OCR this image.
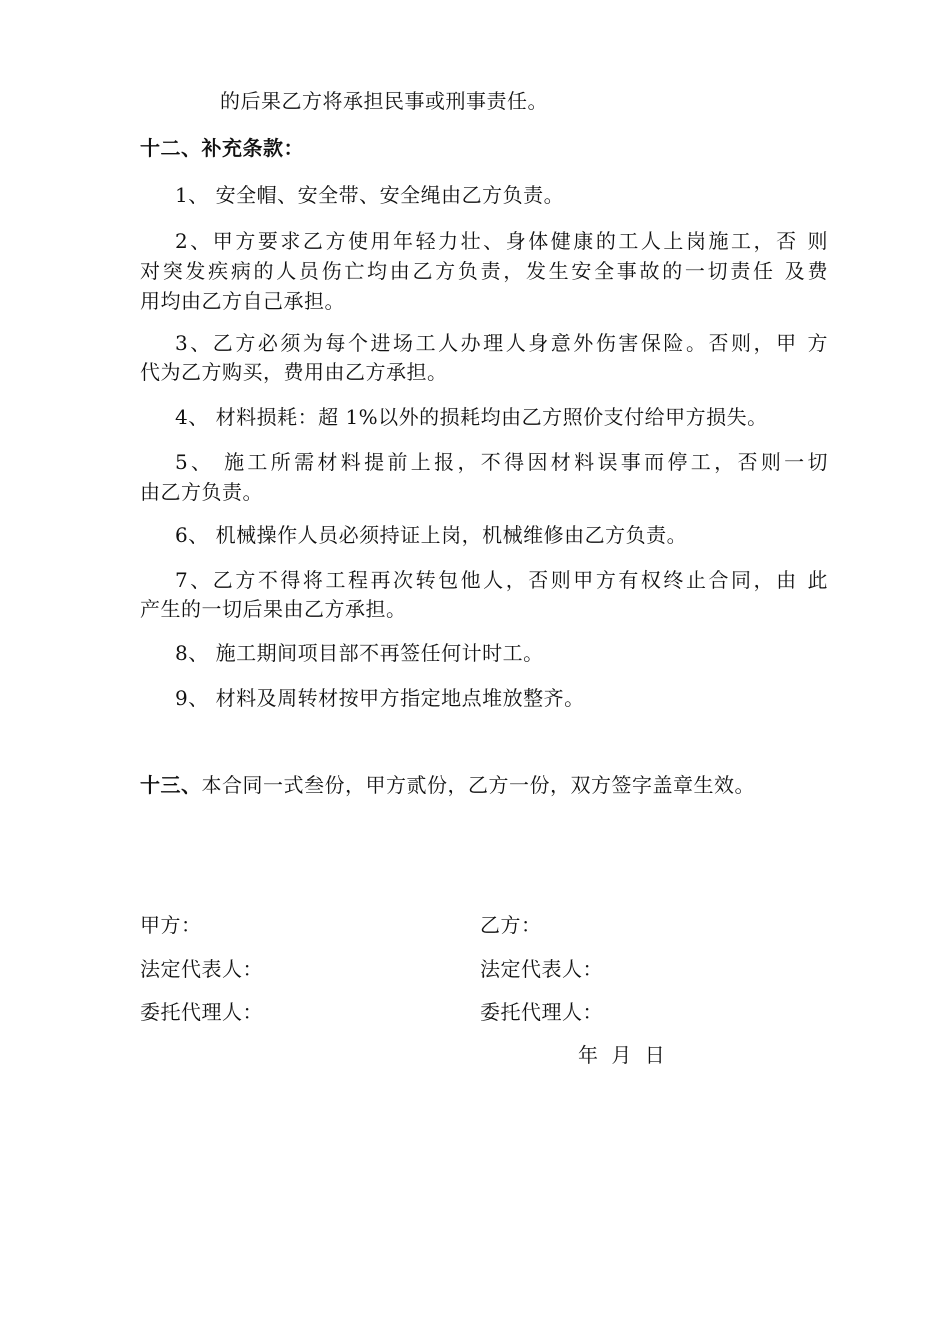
的后果乙方将承担民事或刑事责任。
十二、补充条款：
1、 安全帽、安全带、安全绳由乙方负责。
2、甲方要求乙方使用年轻力壮、身体健康的工人上岗施工，否 则
对突发疾病的人员伤亡均由乙方负责，发生安全事故的一切责任 及费
用均由乙方自己承担。
3、乙方必须为每个进场工人办理人身意外伤害保险。否则，甲 方
代为乙方购买，费用由乙方承担。
4、 材料损耗：超 1%以外的损耗均由乙方照价支付给甲方损失。
5、 施工所需材料提前上报，不得因材料误事而停工，否则一切
由乙方负责。
6、 机械操作人员必须持证上岗，机械维修由乙方负责。
7、乙方不得将工程再次转包他人，否则甲方有权终止合同，由 此
产生的一切后果由乙方承担。
8、 施工期间项目部不再签任何计时工。
9、 材料及周转材按甲方指定地点堆放整齐。
十三、本合同一式叁份，甲方贰份，乙方一份，双方签字盖章生效。
甲方：	乙方：
法定代表人：	法定代表人：
委托代理人：	委托代理人：
年 月 日
